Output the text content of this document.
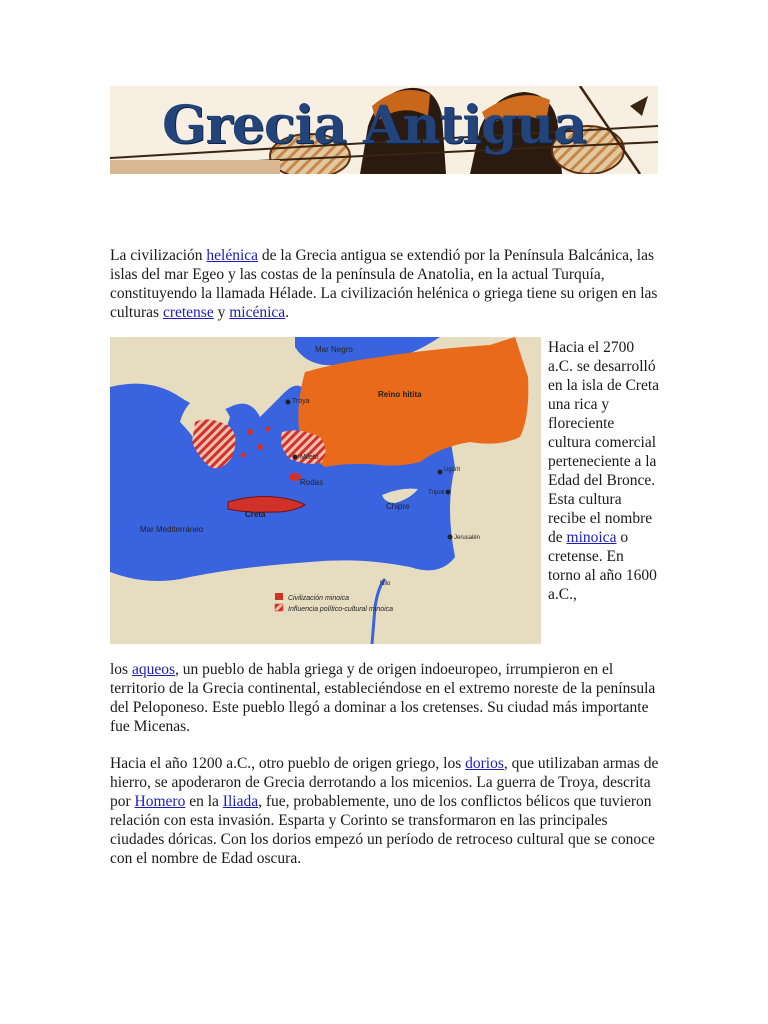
Grecia Antigua

La civilización helénica de la Grecia antigua se extendió por la Península Balcánica, las islas del mar Egeo y las costas de la península de Anatolia, en la actual Turquía, constituyendo la llamada Hélade. La civilización helénica o griega tiene su origen en las culturas cretense y micénica.

Mar Negro
Reino hitita
Troya
Mileto
Rodas
Creta
Chipre
Mar Mediterráneo
Ugarit
Trípoli
Jerusalén
Nilo
Civilización minoica
Influencia político-cultural minoica

Hacia el 2700 a.C. se desarrolló en la isla de Creta una rica y floreciente cultura comercial perteneciente a la Edad del Bronce. Esta cultura recibe el nombre de minoica o cretense. En torno al año 1600 a.C.,

los aqueos, un pueblo de habla griega y de origen indoeuropeo, irrumpieron en el territorio de la Grecia continental, estableciéndose en el extremo noreste de la península del Peloponeso. Este pueblo llegó a dominar a los cretenses. Su ciudad más importante fue Micenas.

Hacia el año 1200 a.C., otro pueblo de origen griego, los dorios, que utilizaban armas de hierro, se apoderaron de Grecia derrotando a los micenios. La guerra de Troya, descrita por Homero en la Iliada, fue, probablemente, uno de los conflictos bélicos que tuvieron relación con esta invasión. Esparta y Corinto se transformaron en las principales ciudades dóricas. Con los dorios empezó un período de retroceso cultural que se conoce con el nombre de Edad oscura.
